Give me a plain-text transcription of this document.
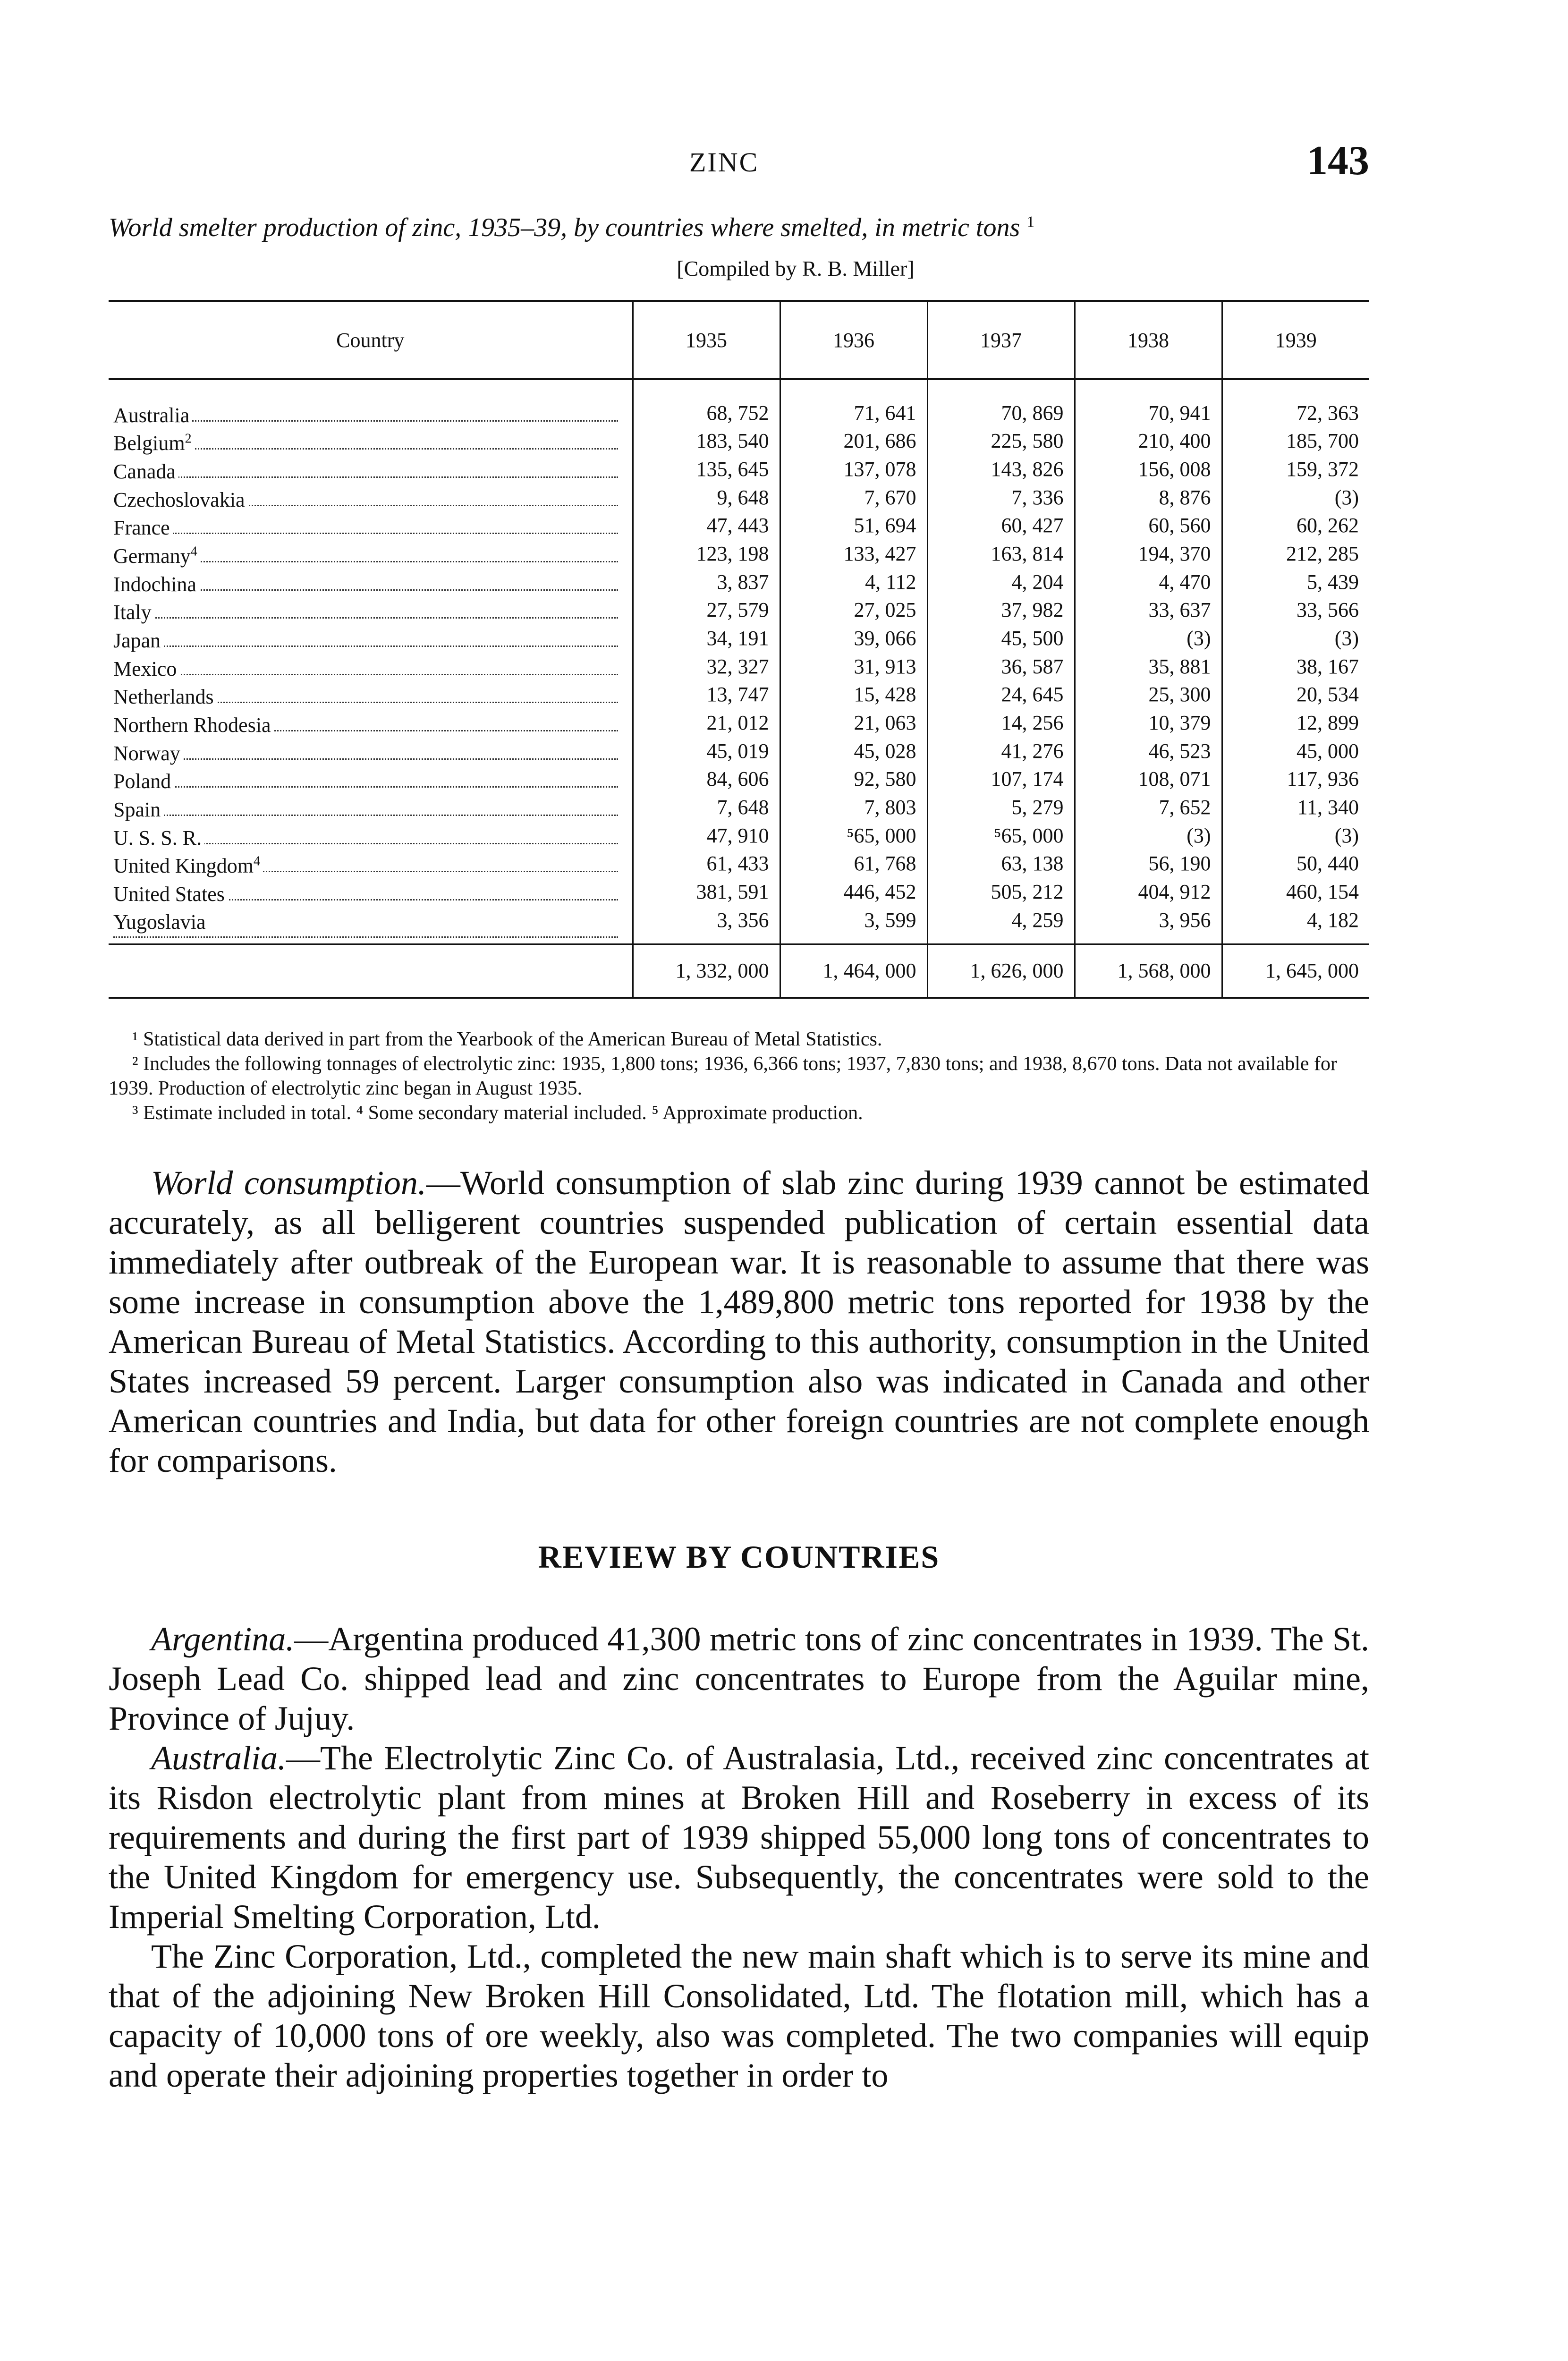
ZINC	143
World smelter production of zinc, 1935–39, by countries where smelted, in metric tons $^1$
[Compiled by R. B. Miller]
Country	1935	1936	1937	1938	1939
Australia	68, 752	71, 641	70, 869	70, 941	72, 363
Belgium$^2$	183, 540	201, 686	225, 580	210, 400	185, 700
Canada	135, 645	137, 078	143, 826	156, 008	159, 372
Czechoslovakia	9, 648	7, 670	7, 336	8, 876	(3)
France	47, 443	51, 694	60, 427	60, 560	60, 262
Germany$^4$	123, 198	133, 427	163, 814	194, 370	212, 285
Indochina	3, 837	4, 112	4, 204	4, 470	5, 439
Italy	27, 579	27, 025	37, 982	33, 637	33, 566
Japan	34, 191	39, 066	45, 500	(3)	(3)
Mexico	32, 327	31, 913	36, 587	35, 881	38, 167
Netherlands	13, 747	15, 428	24, 645	25, 300	20, 534
Northern Rhodesia	21, 012	21, 063	14, 256	10, 379	12, 899
Norway	45, 019	45, 028	41, 276	46, 523	45, 000
Poland	84, 606	92, 580	107, 174	108, 071	117, 936
Spain	7, 648	7, 803	5, 279	7, 652	11, 340
U. S. S. R.	47, 910	⁵65, 000	⁵65, 000	(3)	(3)
United Kingdom$^4$	61, 433	61, 768	63, 138	56, 190	50, 440
United States	381, 591	446, 452	505, 212	404, 912	460, 154
Yugoslavia	3, 356	3, 599	4, 259	3, 956	4, 182
	1, 332, 000	1, 464, 000	1, 626, 000	1, 568, 000	1, 645, 000

¹ Statistical data derived in part from the Yearbook of the American Bureau of Metal Statistics.

² Includes the following tonnages of electrolytic zinc: 1935, 1,800 tons; 1936, 6,366 tons; 1937, 7,830 tons; and 1938, 8,670 tons. Data not available for 1939. Production of electrolytic zinc began in August 1935.

³ Estimate included in total. ⁴ Some secondary material included. ⁵ Approximate production.

World consumption.—World consumption of slab zinc during 1939 cannot be estimated accurately, as all belligerent countries suspended publication of certain essential data immediately after outbreak of the European war. It is reasonable to assume that there was some increase in consumption above the 1,489,800 metric tons reported for 1938 by the American Bureau of Metal Statistics. According to this authority, consumption in the United States increased 59 percent. Larger consumption also was indicated in Canada and other American countries and India, but data for other foreign countries are not complete enough for comparisons.

REVIEW BY COUNTRIES

Argentina.—Argentina produced 41,300 metric tons of zinc concentrates in 1939. The St. Joseph Lead Co. shipped lead and zinc concentrates to Europe from the Aguilar mine, Province of Jujuy.

Australia.—The Electrolytic Zinc Co. of Australasia, Ltd., received zinc concentrates at its Risdon electrolytic plant from mines at Broken Hill and Roseberry in excess of its requirements and during the first part of 1939 shipped 55,000 long tons of concentrates to the United Kingdom for emergency use. Subsequently, the concentrates were sold to the Imperial Smelting Corporation, Ltd.

The Zinc Corporation, Ltd., completed the new main shaft which is to serve its mine and that of the adjoining New Broken Hill Consolidated, Ltd. The flotation mill, which has a capacity of 10,000 tons of ore weekly, also was completed. The two companies will equip and operate their adjoining properties together in order to
